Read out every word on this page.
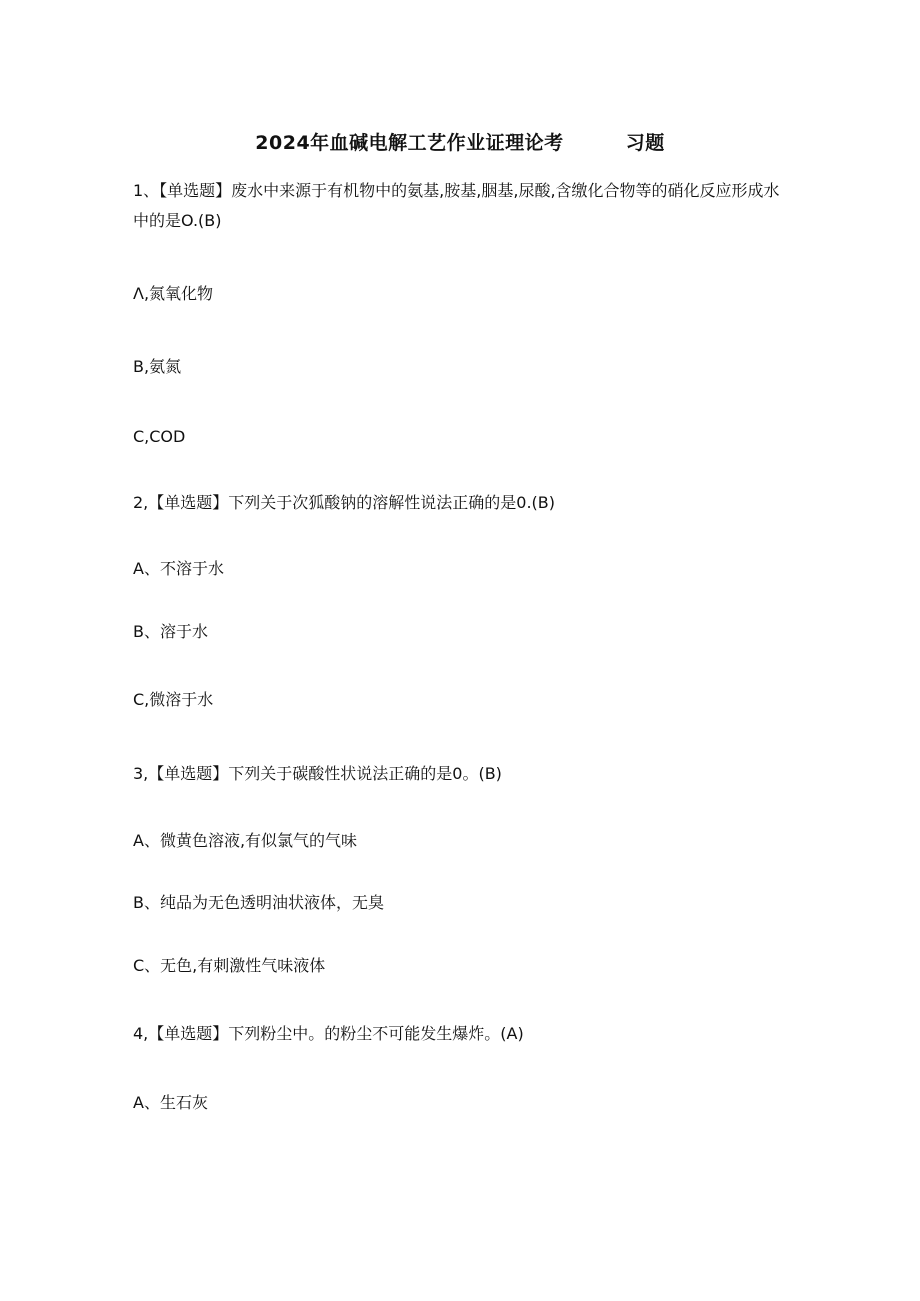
2024年血碱电解工艺作业证理论考	习题
1、【单选题】废水中来源于有机物中的氨基,胺基,胭基,尿酸,含缴化合物等的硝化反应形成水中的是O.(B)
Λ,氮氧化物
B,氨氮
C,COD
2,【单选题】下列关于次狐酸钠的溶解性说法正确的是0.(B)
A、不溶于水
B、溶于水
C,微溶于水
3,【单选题】下列关于碳酸性状说法正确的是0。(B)
A、微黄色溶液,有似氯气的气味
B、纯品为无色透明油状液体，无臭
C、无色,有刺激性气味液体
4,【单选题】下列粉尘中。的粉尘不可能发生爆炸。(A)
A、生石灰
